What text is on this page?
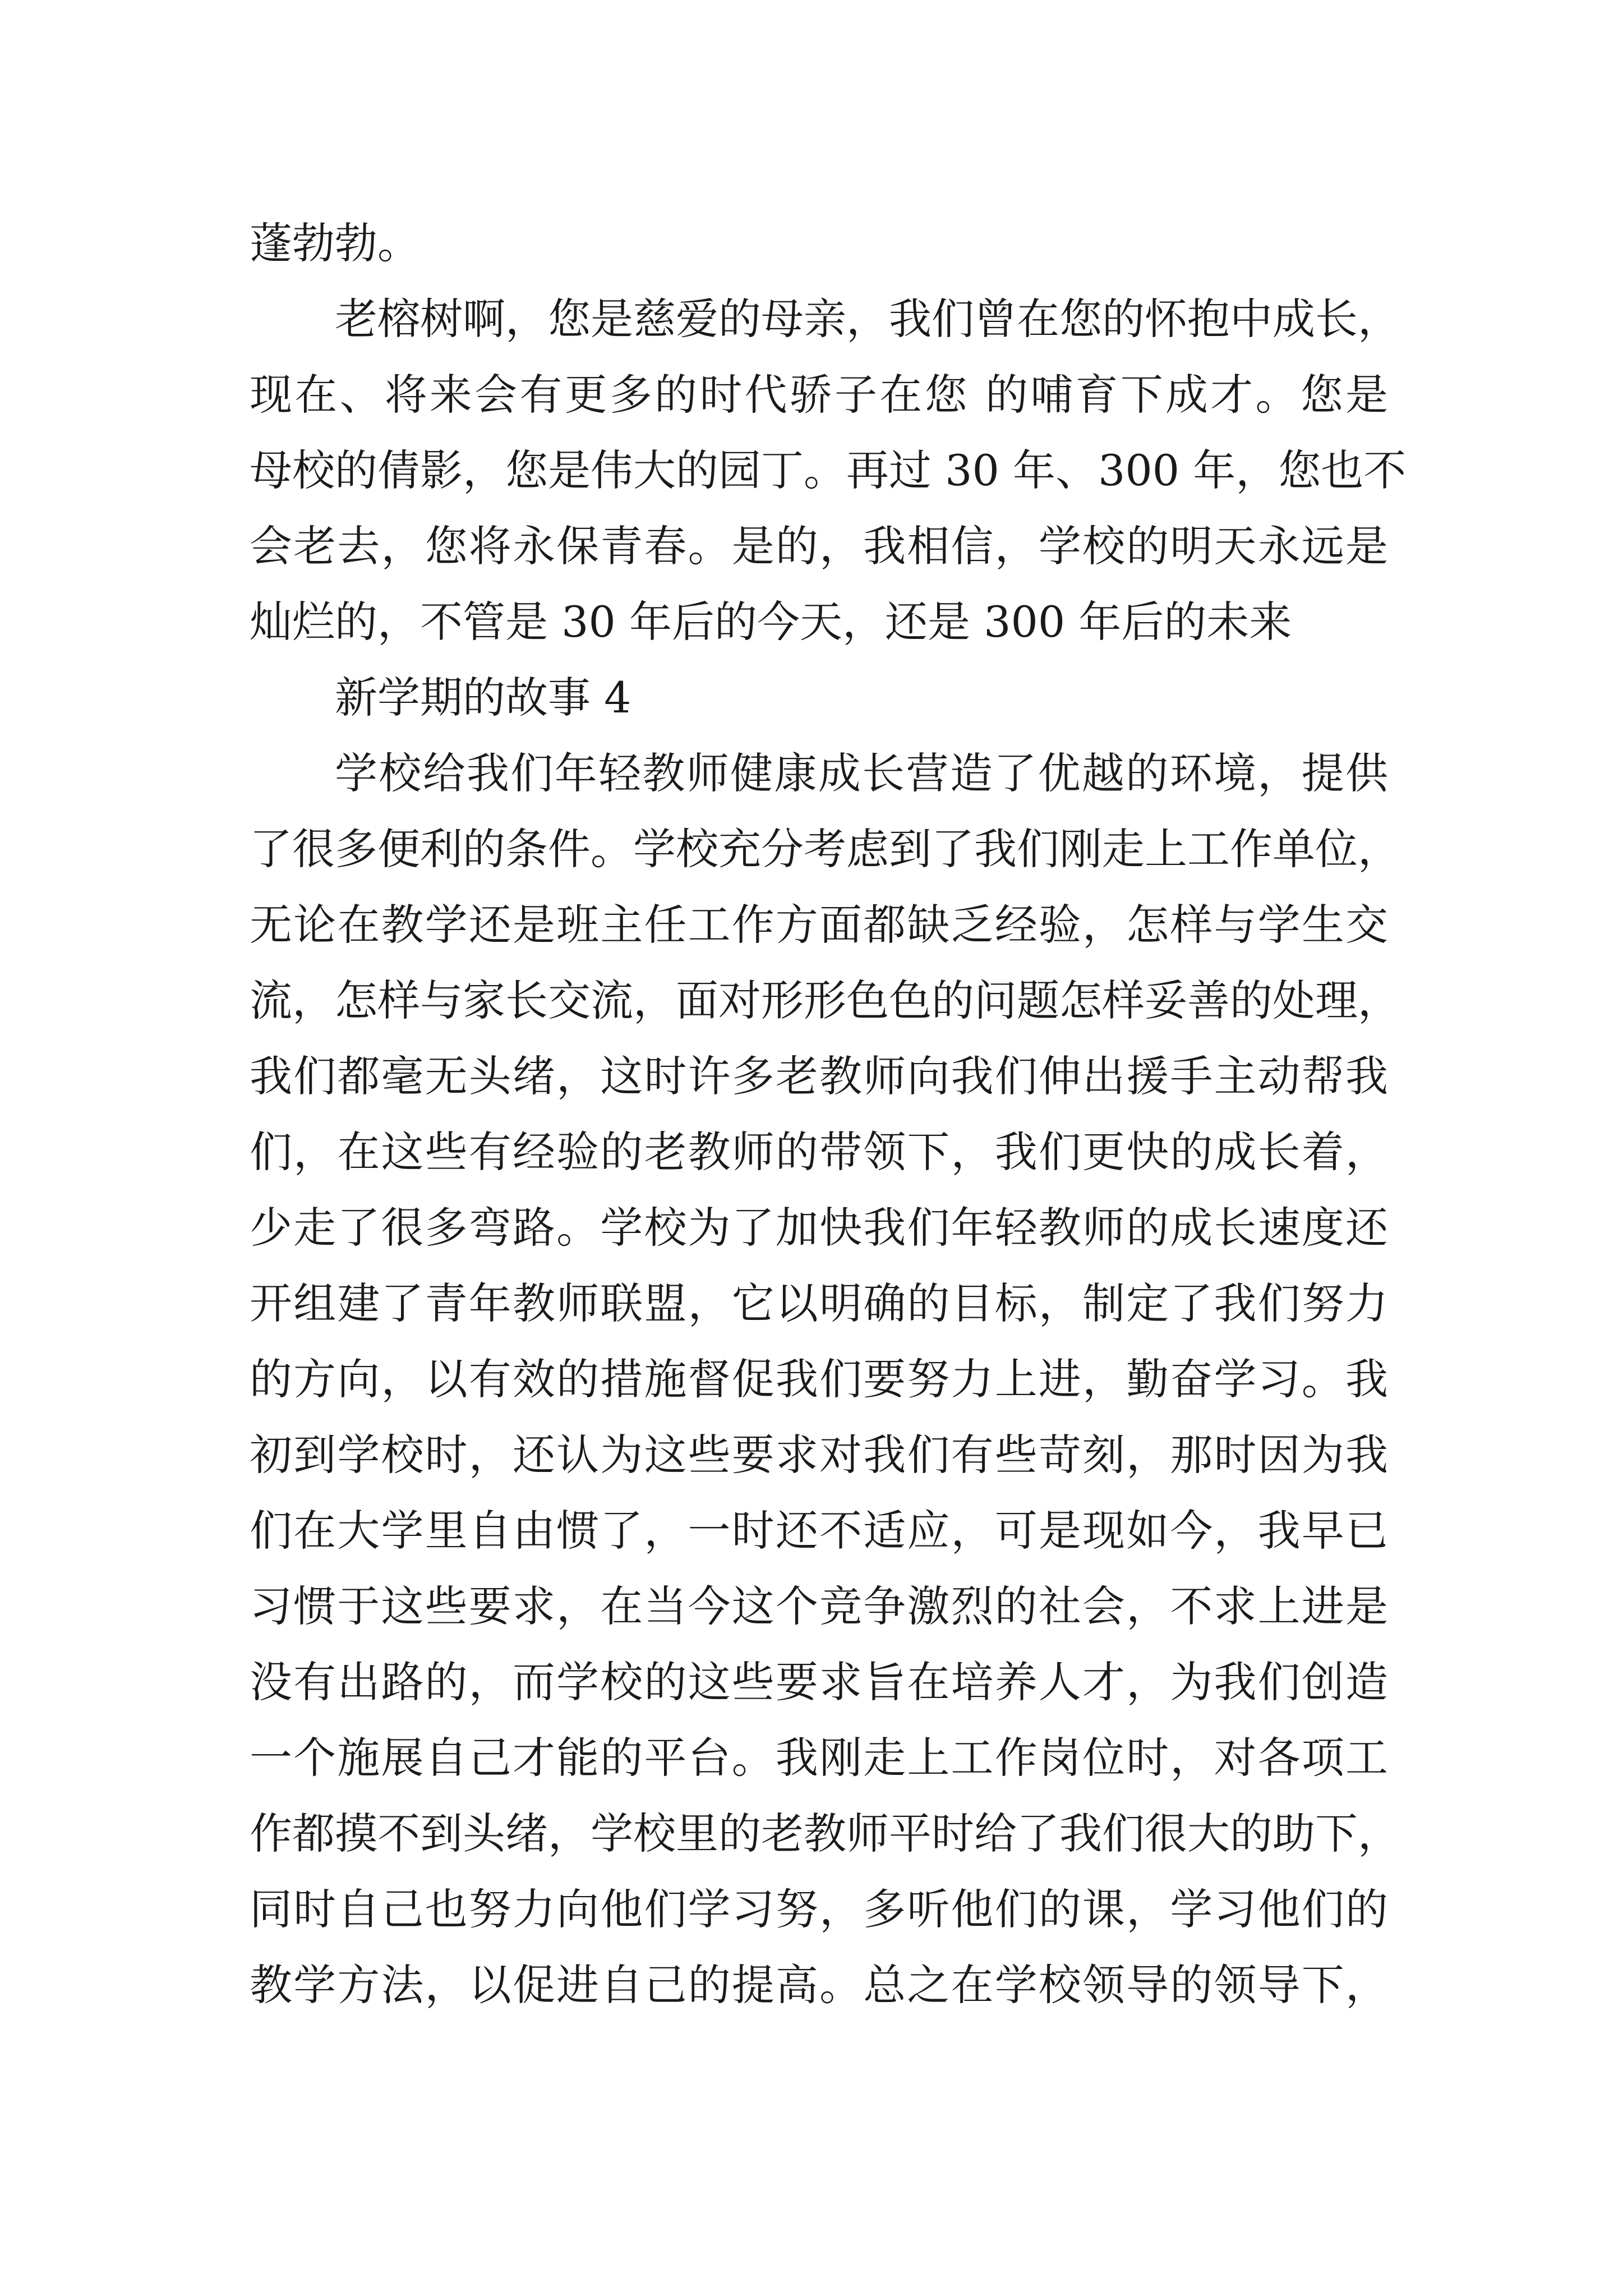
蓬勃勃。
老榕树啊，您是慈爱的母亲，我们曾在您的怀抱中成长，
现在、将来会有更多的时代骄子在您 的哺育下成才。您是
母校的倩影，您是伟大的园丁。再过 30 年、300 年，您也不
会老去，您将永保青春。是的，我相信，学校的明天永远是
灿烂的，不管是 30 年后的今天，还是 300 年后的未来
新学期的故事 4
学校给我们年轻教师健康成长营造了优越的环境，提供
了很多便利的条件。学校充分考虑到了我们刚走上工作单位，
无论在教学还是班主任工作方面都缺乏经验，怎样与学生交
流，怎样与家长交流，面对形形色色的问题怎样妥善的处理，
我们都毫无头绪，这时许多老教师向我们伸出援手主动帮我
们，在这些有经验的老教师的带领下，我们更快的成长着，
少走了很多弯路。学校为了加快我们年轻教师的成长速度还
开组建了青年教师联盟，它以明确的目标，制定了我们努力
的方向，以有效的措施督促我们要努力上进，勤奋学习。我
初到学校时，还认为这些要求对我们有些苛刻，那时因为我
们在大学里自由惯了，一时还不适应，可是现如今，我早已
习惯于这些要求，在当今这个竞争激烈的社会，不求上进是
没有出路的，而学校的这些要求旨在培养人才，为我们创造
一个施展自己才能的平台。我刚走上工作岗位时，对各项工
作都摸不到头绪，学校里的老教师平时给了我们很大的助下，
同时自己也努力向他们学习努，多听他们的课，学习他们的
教学方法，以促进自己的提高。总之在学校领导的领导下，
